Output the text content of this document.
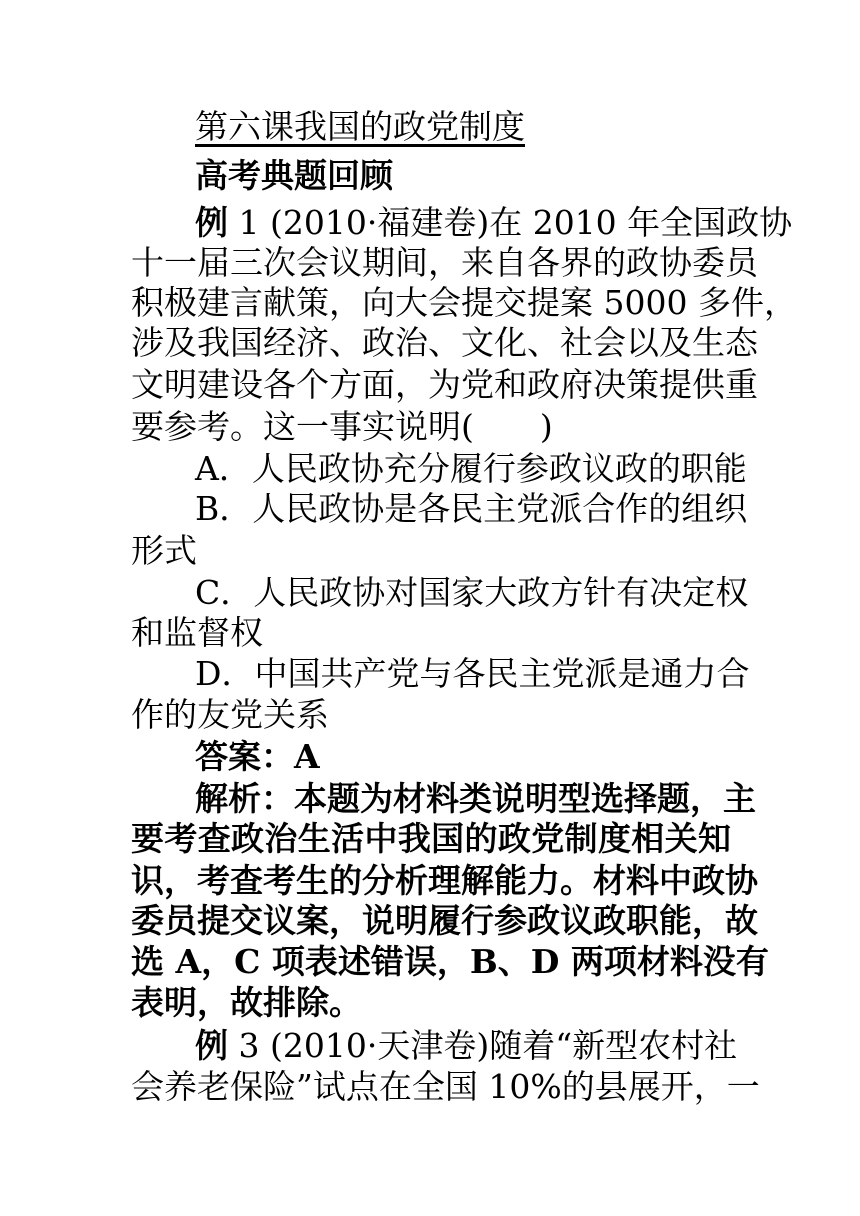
第六课我国的政党制度
高考典题回顾
例 1 (2010·福建卷)在 2010 年全国政协
十一届三次会议期间，来自各界的政协委员
积极建言献策，向大会提交提案 5000 多件，
涉及我国经济、政治、文化、社会以及生态
文明建设各个方面，为党和政府决策提供重
要参考。这一事实说明(　　)
A．人民政协充分履行参政议政的职能
B．人民政协是各民主党派合作的组织
形式
C．人民政协对国家大政方针有决定权
和监督权
D．中国共产党与各民主党派是通力合
作的友党关系
答案：A
解析：本题为材料类说明型选择题，主
要考查政治生活中我国的政党制度相关知
识，考查考生的分析理解能力。材料中政协
委员提交议案，说明履行参政议政职能，故
选 A，C 项表述错误，B、D 两项材料没有
表明，故排除。
例 3 (2010·天津卷)随着“新型农村社
会养老保险”试点在全国 10%的县展开，一
